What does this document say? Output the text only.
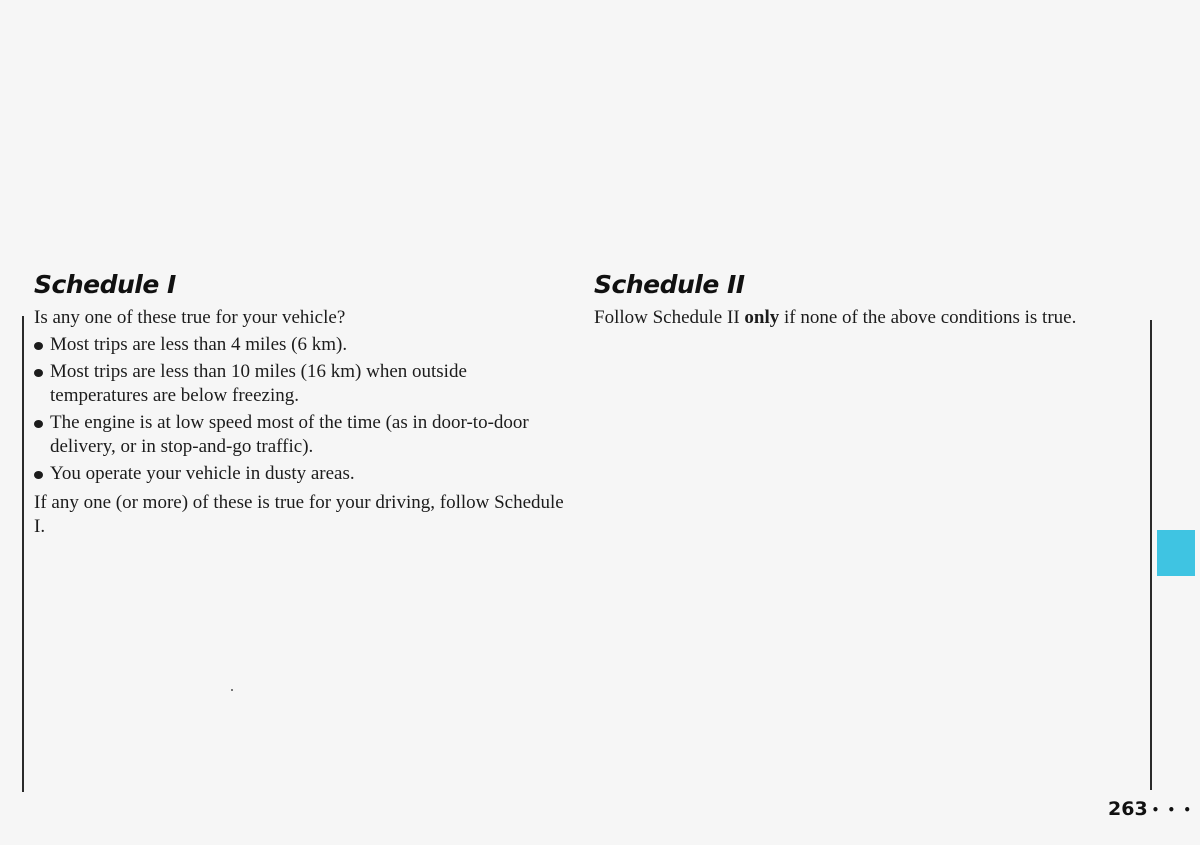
Schedule I

Is any one of these true for your vehicle?

Most trips are less than 4 miles (6 km).
Most trips are less than 10 miles (16 km) when outside temperatures are below freezing.
The engine is at low speed most of the time (as in door-to-door delivery, or in stop-and-go traffic).
You operate your vehicle in dusty areas.

If any one (or more) of these is true for your driving, follow Schedule I.

Schedule II

Follow Schedule II only if none of the above conditions is true.

263 • • •
